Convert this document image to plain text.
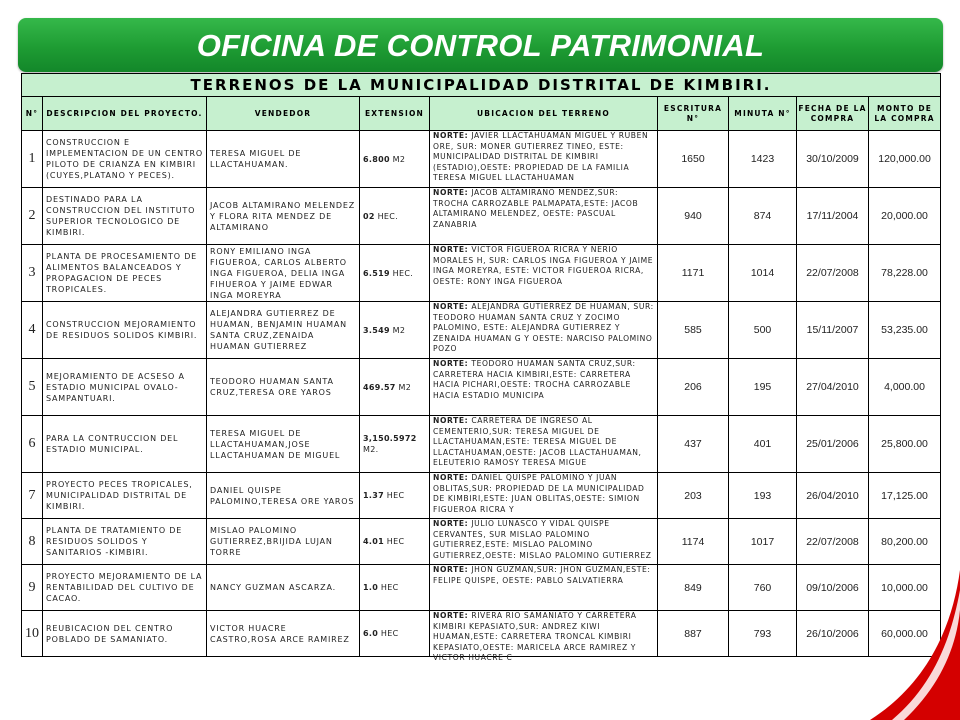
OFICINA DE CONTROL PATRIMONIAL
TERRENOS DE LA MUNICIPALIDAD DISTRITAL DE KIMBIRI.								
N°	DESCRIPCION DEL PROYECTO.	VENDEDOR	EXTENSION	UBICACION DEL TERRENO	ESCRITURA N°	MINUTA N°	FECHA DE LA COMPRA	MONTO DE LA COMPRA
1	CONSTRUCCION E IMPLEMENTACION DE UN CENTRO PILOTO DE CRIANZA EN KIMBIRI (CUYES,PLATANO Y PECES).	TERESA MIGUEL DE LLACTAHUAMAN.	6.800 M2	NORTE: JAVIER LLACTAHUAMAN MIGUEL Y RUBEN ORE, SUR: MONER GUTIERREZ TINEO, ESTE: MUNICIPALIDAD DISTRITAL DE KIMBIRI (ESTADIO),OESTE: PROPIEDAD DE LA FAMILIA TERESA MIGUEL LLACTAHUAMAN	1650	1423	30/10/2009	120,000.00
2	DESTINADO PARA LA CONSTRUCCION DEL INSTITUTO SUPERIOR TECNOLOGICO DE KIMBIRI.	JACOB ALTAMIRANO MELENDEZ Y FLORA RITA MENDEZ DE ALTAMIRANO	02 HEC.	NORTE: JACOB ALTAMIRANO MENDEZ,SUR: TROCHA CARROZABLE PALMAPATA,ESTE: JACOB ALTAMIRANO MELENDEZ, OESTE: PASCUAL ZANABRIA	940	874	17/11/2004	20,000.00
3	PLANTA DE PROCESAMIENTO DE ALIMENTOS BALANCEADOS Y PROPAGACION DE PECES TROPICALES.	RONY EMILIANO INGA FIGUEROA, CARLOS ALBERTO INGA FIGUEROA, DELIA INGA FIHUEROA Y JAIME EDWAR INGA MOREYRA	6.519 HEC.	NORTE: VICTOR FIGUEROA RICRA Y NERIO MORALES H, SUR: CARLOS INGA FIGUEROA Y JAIME INGA MOREYRA, ESTE: VICTOR FIGUEROA RICRA, OESTE: RONY INGA FIGUEROA	1171	1014	22/07/2008	78,228.00
4	CONSTRUCCION MEJORAMIENTO DE RESIDUOS SOLIDOS KIMBIRI.	ALEJANDRA GUTIERREZ DE HUAMAN, BENJAMIN HUAMAN SANTA CRUZ,ZENAIDA HUAMAN GUTIERREZ	3.549 M2	NORTE: ALEJANDRA GUTIERREZ DE HUAMAN, SUR: TEODORO HUAMAN SANTA CRUZ Y ZOCIMO PALOMINO, ESTE: ALEJANDRA GUTIERREZ Y ZENAIDA HUAMAN G Y OESTE: NARCISO PALOMINO POZO	585	500	15/11/2007	53,235.00
5	MEJORAMIENTO DE ACSESO A ESTADIO MUNICIPAL OVALO-SAMPANTUARI.	TEODORO HUAMAN SANTA CRUZ,TERESA ORE YAROS	469.57 M2	NORTE: TEODORO HUAMAN SANTA CRUZ,SUR: CARRETERA HACIA KIMBIRI,ESTE: CARRETERA HACIA PICHARI,OESTE: TROCHA CARROZABLE HACIA ESTADIO MUNICIPA	206	195	27/04/2010	4,000.00
6	PARA LA CONTRUCCION DEL ESTADIO MUNICIPAL.	TERESA MIGUEL DE LLACTAHUAMAN,JOSE LLACTAHUAMAN DE MIGUEL	3,150.5972 M2.	NORTE: CARRETERA DE INGRESO AL CEMENTERIO,SUR: TERESA MIGUEL DE LLACTAHUAMAN,ESTE: TERESA MIGUEL DE LLACTAHUAMAN,OESTE: JACOB LLACTAHUAMAN, ELEUTERIO RAMOSY TERESA MIGUE	437	401	25/01/2006	25,800.00
7	PROYECTO PECES TROPICALES, MUNICIPALIDAD DISTRITAL DE KIMBIRI.	DANIEL QUISPE PALOMINO,TERESA ORE YAROS	1.37 HEC	NORTE: DANIEL QUISPE PALOMINO Y JUAN OBLITAS,SUR: PROPIEDAD DE LA MUNICIPALIDAD DE KIMBIRI,ESTE: JUAN OBLITAS,OESTE: SIMION FIGUEROA RICRA Y	203	193	26/04/2010	17,125.00
8	PLANTA DE TRATAMIENTO DE RESIDUOS SOLIDOS Y SANITARIOS -KIMBIRI.	MISLAO PALOMINO GUTIERREZ,BRIJIDA LUJAN TORRE	4.01 HEC	NORTE: JULIO LUNASCO Y VIDAL QUISPE CERVANTES, SUR MISLAO PALOMINO GUTIERREZ,ESTE: MISLAO PALOMINO GUTIERREZ,OESTE: MISLAO PALOMINO GUTIERREZ	1174	1017	22/07/2008	80,200.00
9	PROYECTO MEJORAMIENTO DE LA RENTABILIDAD DEL CULTIVO DE CACAO.	NANCY GUZMAN ASCARZA.	1.0 HEC	NORTE: JHON GUZMAN,SUR: JHON GUZMAN,ESTE: FELIPE QUISPE, OESTE: PABLO SALVATIERRA	849	760	09/10/2006	10,000.00
10	REUBICACION DEL CENTRO POBLADO DE SAMANIATO.	VICTOR HUACRE CASTRO,ROSA ARCE RAMIREZ	6.0 HEC	NORTE: RIVERA RIO SAMANIATO Y CARRETERA KIMBIRI KEPASIATO,SUR: ANDREZ KIWI HUAMAN,ESTE: CARRETERA TRONCAL KIMBIRI KEPASIATO,OESTE: MARICELA ARCE RAMIREZ Y VICTOR HUACRE C	887	793	26/10/2006	60,000.00
